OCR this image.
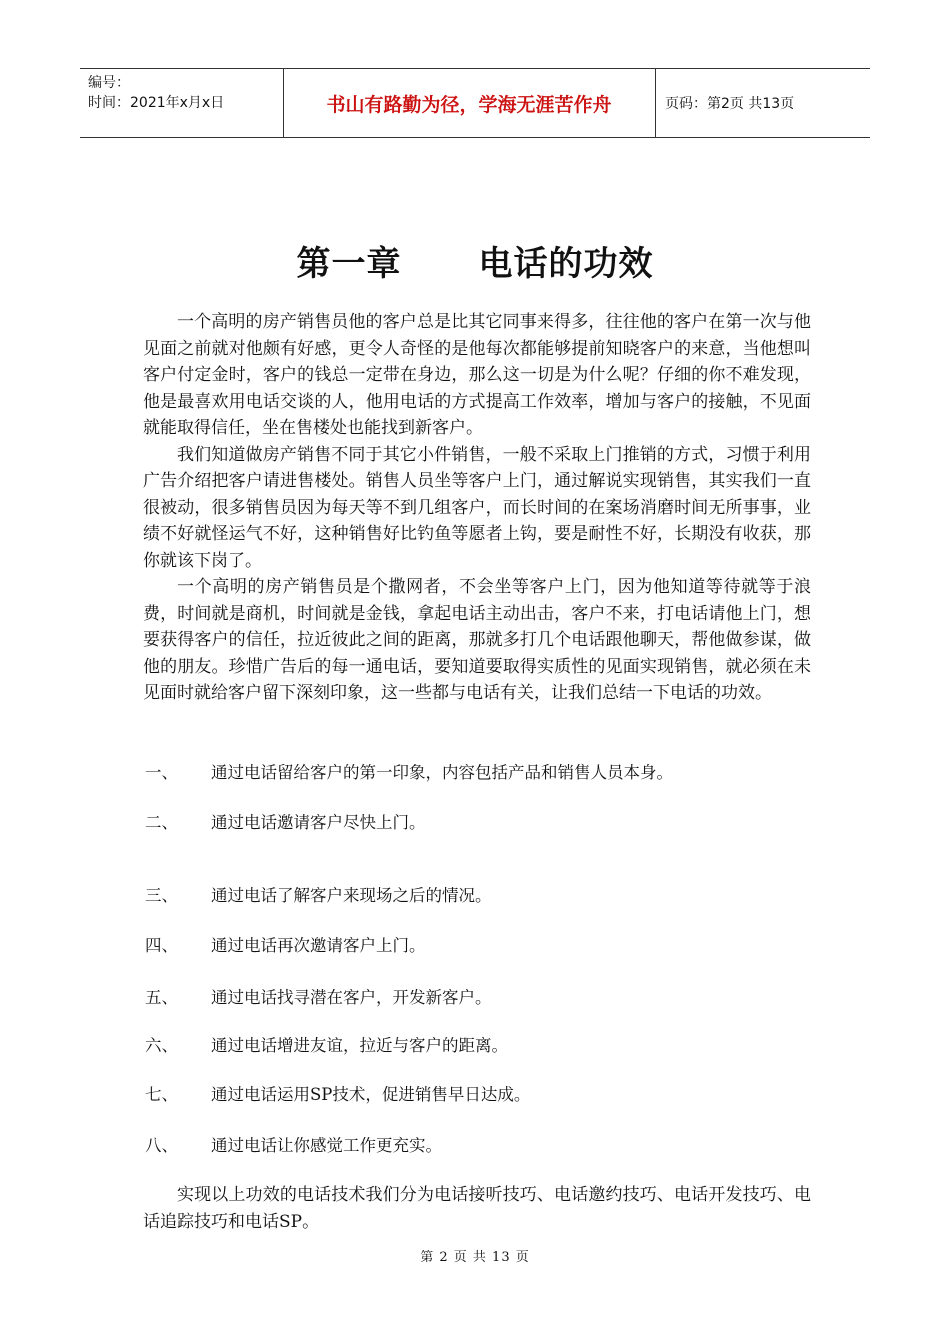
编号：
时间：2021年x月x日	书山有路勤为径，学海无涯苦作舟	页码：第2页 共13页
第一章      电话的功效

一个高明的房产销售员他的客户总是比其它同事来得多，往往他的客户在第一次与他见面之前就对他颇有好感，更令人奇怪的是他每次都能够提前知晓客户的来意，当他想叫客户付定金时，客户的钱总一定带在身边，那么这一切是为什么呢？仔细的你不难发现，他是最喜欢用电话交谈的人，他用电话的方式提高工作效率，增加与客户的接触，不见面就能取得信任，坐在售楼处也能找到新客户。

我们知道做房产销售不同于其它小件销售，一般不采取上门推销的方式，习惯于利用广告介绍把客户请进售楼处。销售人员坐等客户上门，通过解说实现销售，其实我们一直很被动，很多销售员因为每天等不到几组客户，而长时间的在案场消磨时间无所事事，业绩不好就怪运气不好，这种销售好比钓鱼等愿者上钩，要是耐性不好，长期没有收获，那你就该下岗了。

一个高明的房产销售员是个撒网者，不会坐等客户上门，因为他知道等待就等于浪费，时间就是商机，时间就是金钱，拿起电话主动出击，客户不来，打电话请他上门，想要获得客户的信任，拉近彼此之间的距离，那就多打几个电话跟他聊天，帮他做参谋，做他的朋友。珍惜广告后的每一通电话，要知道要取得实质性的见面实现销售，就必须在未见面时就给客户留下深刻印象，这一些都与电话有关，让我们总结一下电话的功效。

一、 通过电话留给客户的第一印象，内容包括产品和销售人员本身。
二、 通过电话邀请客户尽快上门。
三、 通过电话了解客户来现场之后的情况。
四、 通过电话再次邀请客户上门。
五、 通过电话找寻潜在客户，开发新客户。
六、 通过电话增进友谊，拉近与客户的距离。
七、 通过电话运用SP技术，促进销售早日达成。
八、 通过电话让你感觉工作更充实。

实现以上功效的电话技术我们分为电话接听技巧、电话邀约技巧、电话开发技巧、电话追踪技巧和电话SP。

第 2 页 共 13 页
